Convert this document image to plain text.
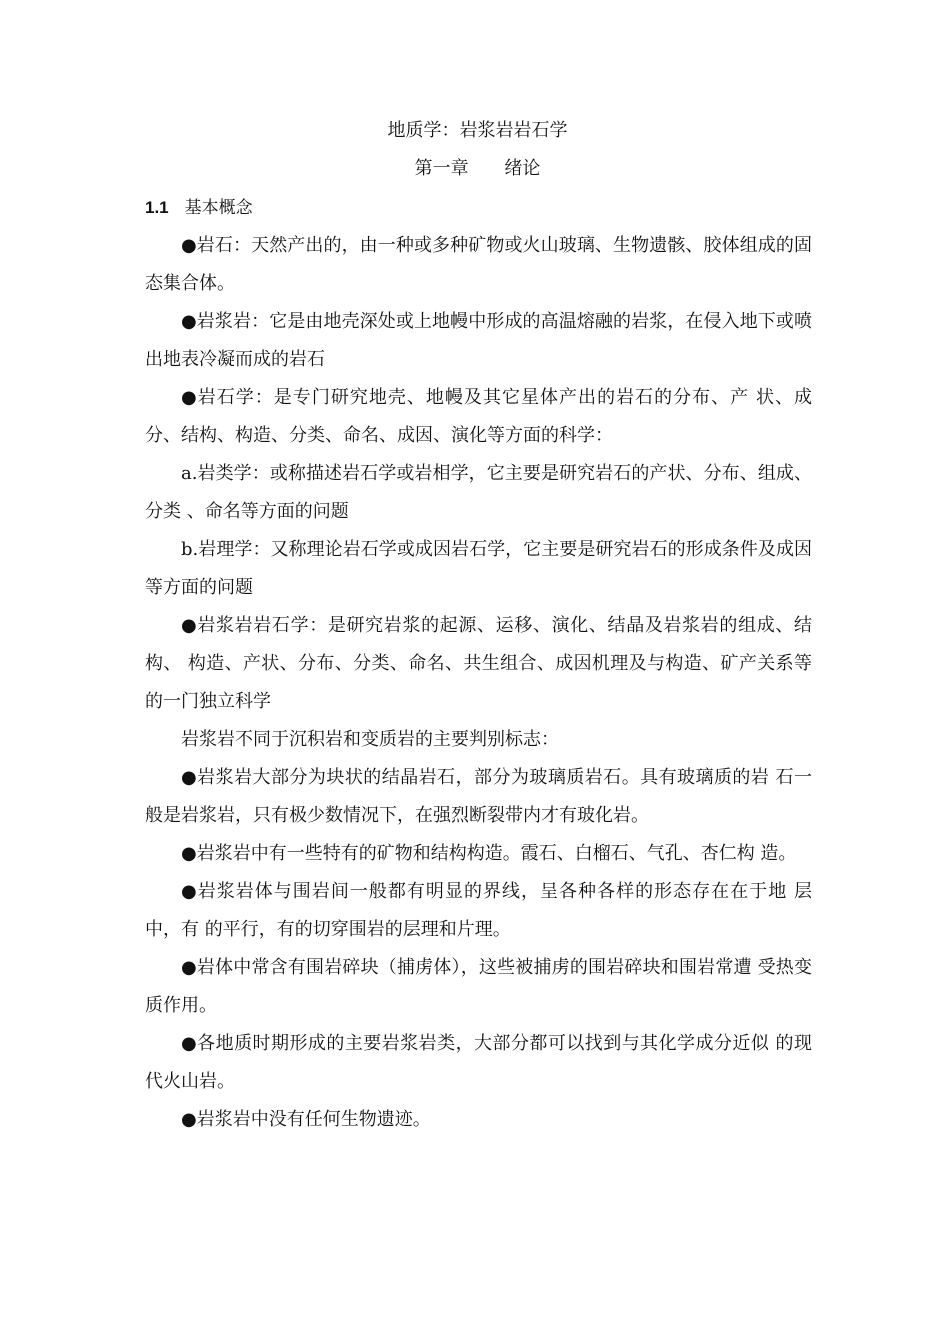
地质学：岩浆岩岩石学
第一章 绪论
1.1 基本概念

●岩石：天然产出的，由一种或多种矿物或火山玻璃、生物遗骸、胶体组成的固态集合体。

●岩浆岩：它是由地壳深处或上地幔中形成的高温熔融的岩浆，在侵入地下或喷出地表冷凝而成的岩石

●岩石学：是专门研究地壳、地幔及其它星体产出的岩石的分布、产 状、成分、结构、构造、分类、命名、成因、演化等方面的科学：

a.岩类学：或称描述岩石学或岩相学，它主要是研究岩石的产状、分布、组成、分类 、命名等方面的问题

b.岩理学：又称理论岩石学或成因岩石学，它主要是研究岩石的形成条件及成因等方面的问题

●岩浆岩岩石学：是研究岩浆的起源、运移、演化、结晶及岩浆岩的组成、结构、 构造、产状、分布、分类、命名、共生组合、成因机理及与构造、矿产关系等的一门独立科学

岩浆岩不同于沉积岩和变质岩的主要判别标志：

●岩浆岩大部分为块状的结晶岩石，部分为玻璃质岩石。具有玻璃质的岩 石一般是岩浆岩，只有极少数情况下，在强烈断裂带内才有玻化岩。

●岩浆岩中有一些特有的矿物和结构构造。霞石、白榴石、气孔、杏仁构 造。

●岩浆岩体与围岩间一般都有明显的界线，呈各种各样的形态存在在于地 层中，有 的平行，有的切穿围岩的层理和片理。

●岩体中常含有围岩碎块（捕虏体），这些被捕虏的围岩碎块和围岩常遭 受热变质作用。

●各地质时期形成的主要岩浆岩类，大部分都可以找到与其化学成分近似 的现代火山岩。

●岩浆岩中没有任何生物遗迹。
